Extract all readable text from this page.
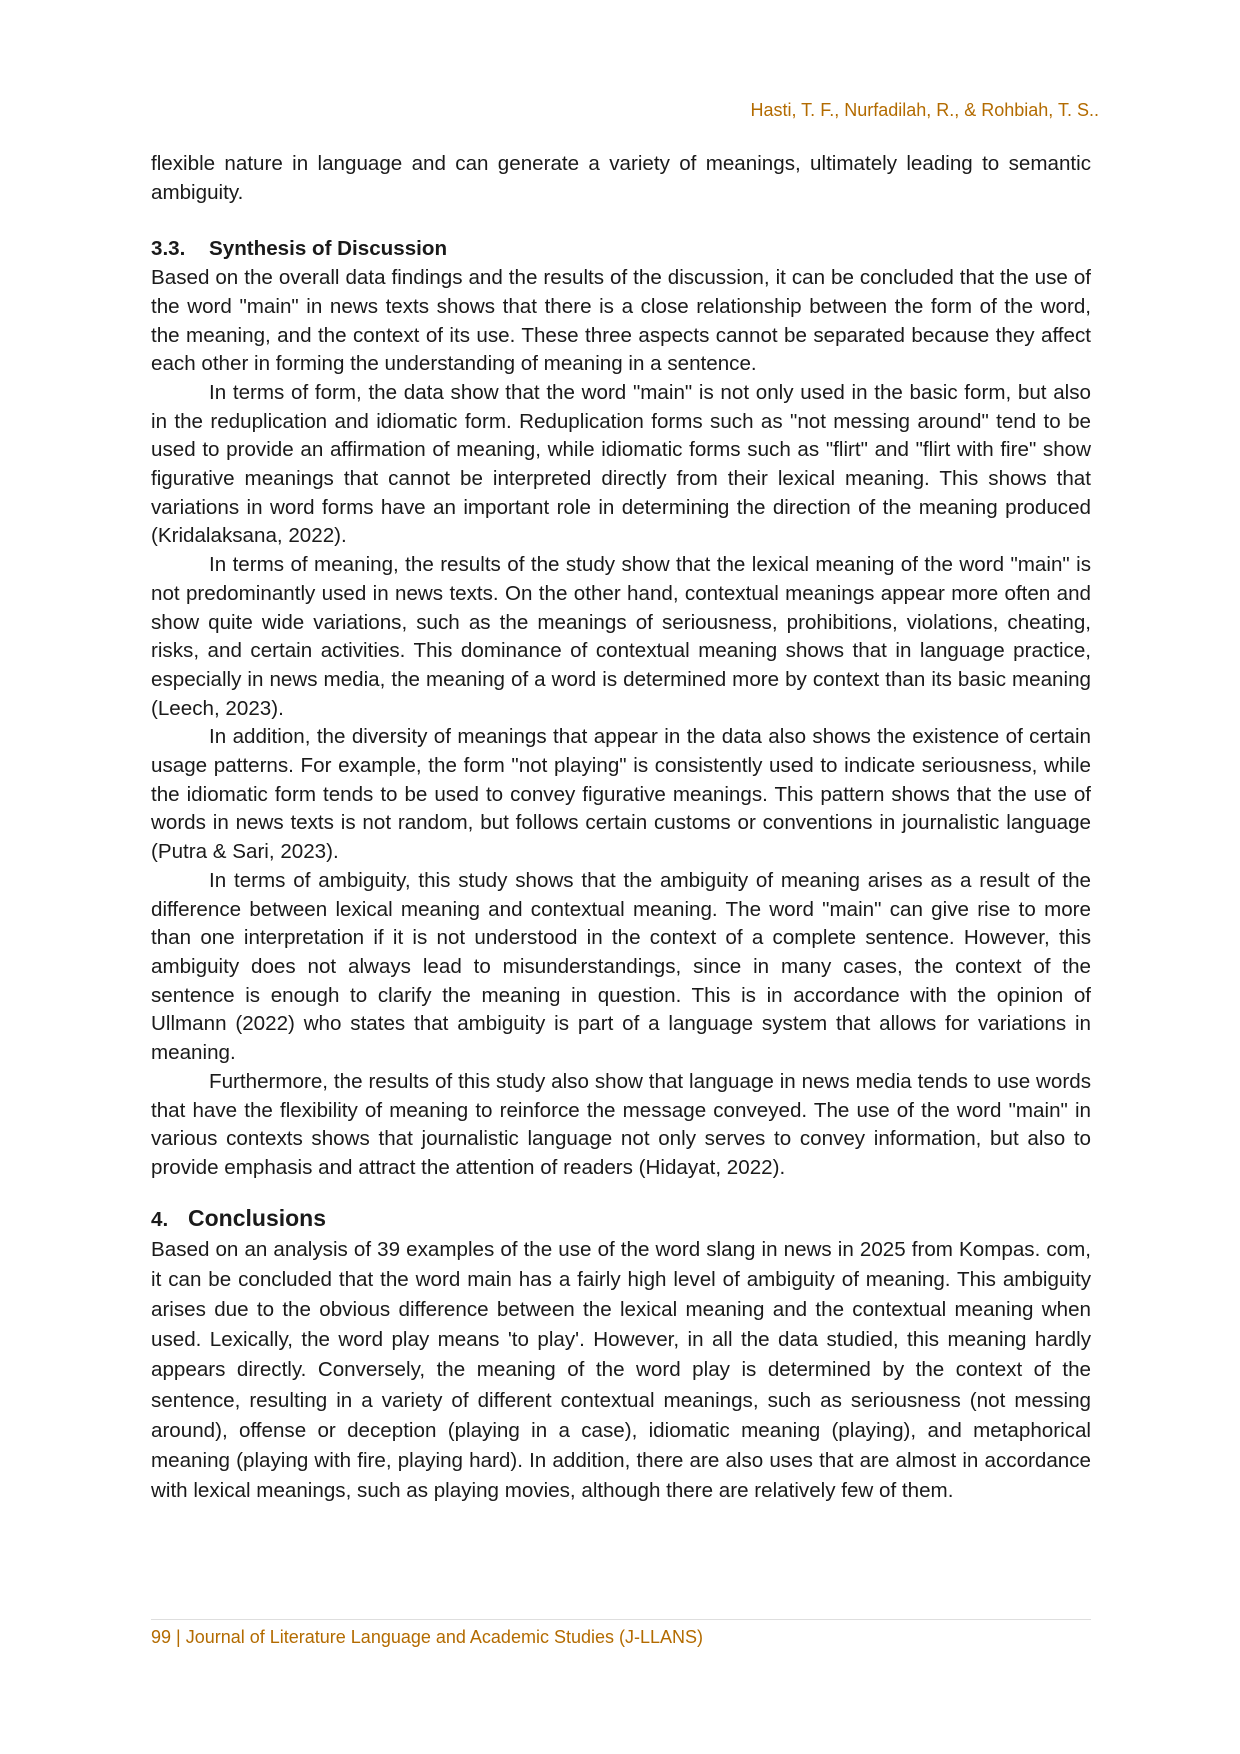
Hasti, T. F., Nurfadilah, R., & Rohbiah, T. S..

flexible nature in language and can generate a variety of meanings, ultimately leading to semantic ambiguity.

3.3. Synthesis of Discussion

Based on the overall data findings and the results of the discussion, it can be concluded that the use of the word "main" in news texts shows that there is a close relationship between the form of the word, the meaning, and the context of its use. These three aspects cannot be separated because they affect each other in forming the understanding of meaning in a sentence.

In terms of form, the data show that the word "main" is not only used in the basic form, but also in the reduplication and idiomatic form. Reduplication forms such as "not messing around" tend to be used to provide an affirmation of meaning, while idiomatic forms such as "flirt" and "flirt with fire" show figurative meanings that cannot be interpreted directly from their lexical meaning. This shows that variations in word forms have an important role in determining the direction of the meaning produced (Kridalaksana, 2022).

In terms of meaning, the results of the study show that the lexical meaning of the word "main" is not predominantly used in news texts. On the other hand, contextual meanings appear more often and show quite wide variations, such as the meanings of seriousness, prohibitions, violations, cheating, risks, and certain activities. This dominance of contextual meaning shows that in language practice, especially in news media, the meaning of a word is determined more by context than its basic meaning (Leech, 2023).

In addition, the diversity of meanings that appear in the data also shows the existence of certain usage patterns. For example, the form "not playing" is consistently used to indicate seriousness, while the idiomatic form tends to be used to convey figurative meanings. This pattern shows that the use of words in news texts is not random, but follows certain customs or conventions in journalistic language (Putra & Sari, 2023).

In terms of ambiguity, this study shows that the ambiguity of meaning arises as a result of the difference between lexical meaning and contextual meaning. The word "main" can give rise to more than one interpretation if it is not understood in the context of a complete sentence. However, this ambiguity does not always lead to misunderstandings, since in many cases, the context of the sentence is enough to clarify the meaning in question. This is in accordance with the opinion of Ullmann (2022) who states that ambiguity is part of a language system that allows for variations in meaning.

Furthermore, the results of this study also show that language in news media tends to use words that have the flexibility of meaning to reinforce the message conveyed. The use of the word "main" in various contexts shows that journalistic language not only serves to convey information, but also to provide emphasis and attract the attention of readers (Hidayat, 2022).

4. Conclusions

Based on an analysis of 39 examples of the use of the word slang in news in 2025 from Kompas. com, it can be concluded that the word main has a fairly high level of ambiguity of meaning. This ambiguity arises due to the obvious difference between the lexical meaning and the contextual meaning when used. Lexically, the word play means 'to play'. However, in all the data studied, this meaning hardly appears directly. Conversely, the meaning of the word play is determined by the context of the sentence, resulting in a variety of different contextual meanings, such as seriousness (not messing around), offense or deception (playing in a case), idiomatic meaning (playing), and metaphorical meaning (playing with fire, playing hard). In addition, there are also uses that are almost in accordance with lexical meanings, such as playing movies, although there are relatively few of them.

99 | Journal of Literature Language and Academic Studies (J-LLANS)
